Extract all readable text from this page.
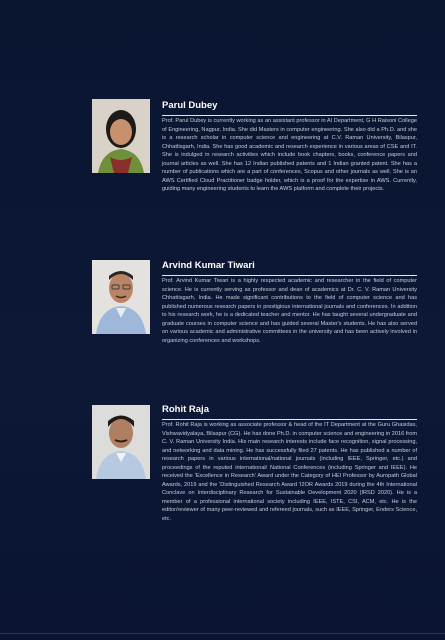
Parul Dubey

Prof. Parul Dubey is currently working as an assistant professor in AI Department, G H Raisoni College of Engineering, Nagpur, India. She did Masters in computer engineering. She also did a Ph.D. and she is a research scholar in computer science and engineering at C.V. Raman University, Bilaspur, Chhattisgarh, India. She has good academic and research experience in various areas of CSE and IT. She is indulged in research activities which include book chapters, books, conference papers and journal articles as well. She has 12 Indian published patents and 1 Indian granted patent. She has a number of publications which are a part of conferences, Scopus and other journals as well. She is an AWS Certified Cloud Practitioner badge holder, which is a proof for the expertise in AWS. Currently, guiding many engineering students to learn the AWS platform and complete their projects.

Arvind Kumar Tiwari

Prof. Arvind Kumar Tiwari is a highly respected academic and researcher in the field of computer science. He is currently serving as professor and dean of academics at Dr. C. V. Raman University Chhattisgarh, India. He made significant contributions to the field of computer science and has published numerous research papers in prestigious international journals and conferences. In addition to his research work, he is a dedicated teacher and mentor. He has taught several undergraduate and graduate courses in computer science and has guided several Master's students. He has also served on various academic and administrative committees in the university and has been actively involved in organizing conferences and workshops.

Rohit Raja

Prof. Rohit Raja is working as associate professor & head of the IT Department at the Guru Ghasidas, Vishwavidyalaya, Bilaspur (CG). He has done Ph.D. in computer science and engineering in 2016 from C. V. Raman University India. His main research interests include face recognition, signal processing, and networking and data mining. He has successfully filed 27 patents. He has published a number of research papers in various international/national journals (including IEEE, Springer, etc.) and proceedings of the reputed international/ National Conferences (including Springer and IEEE). He received the 'Excellence in Research' Award under the Category of HEI Professor by Auropath Global Awards, 2019 and the 'Distinguished Research Award 'I2OR Awards 2019 during the 4th International Conclave on Interdisciplinary Research for Sustainable Development 2020 (IRSD 2020). He is a member of a professional international society including IEEE, ISTE, CSI, ACM, etc. He is the editor/reviewer of many peer-reviewed and refereed journals, such as IEEE, Springer, Enders Science, etc.
